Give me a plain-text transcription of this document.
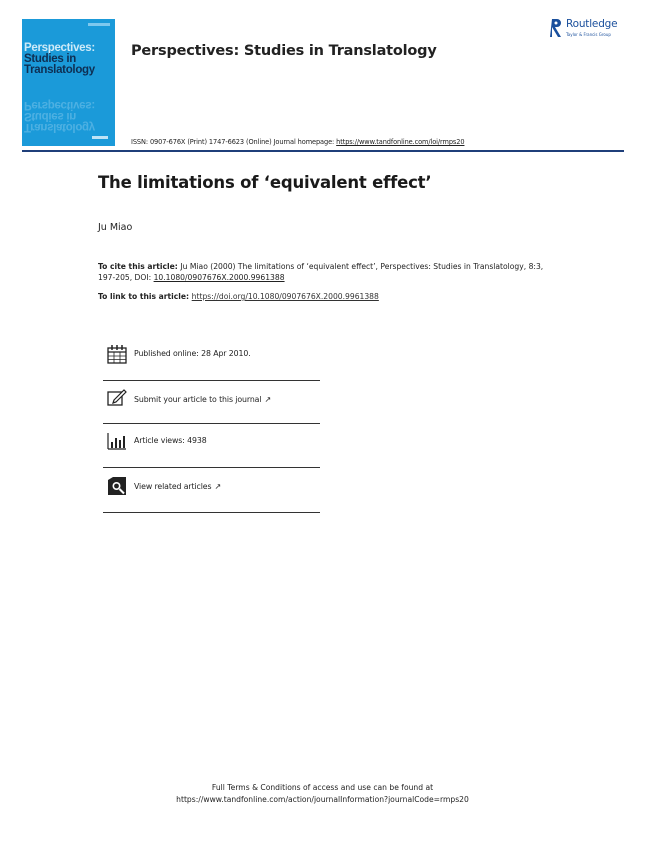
Perspectives:
Studies in
Translatology
Translatology
Studies in
Perspectives:
Perspectives: Studies in Translatology
Routledge
Taylor & Francis Group
ISSN: 0907-676X (Print) 1747-6623 (Online) Journal homepage: https://www.tandfonline.com/loi/rmps20
The limitations of ‘equivalent effect’
Ju Miao
To cite this article: Ju Miao (2000) The limitations of ‘equivalent effect’, Perspectives: Studies in Translatology, 8:3, 197-205, DOI: 10.1080/0907676X.2000.9961388
To link to this article: https://doi.org/10.1080/0907676X.2000.9961388
Published online: 28 Apr 2010.
Submit your article to this journal ↗
Article views: 4938
View related articles ↗
Full Terms & Conditions of access and use can be found at
https://www.tandfonline.com/action/journalInformation?journalCode=rmps20
